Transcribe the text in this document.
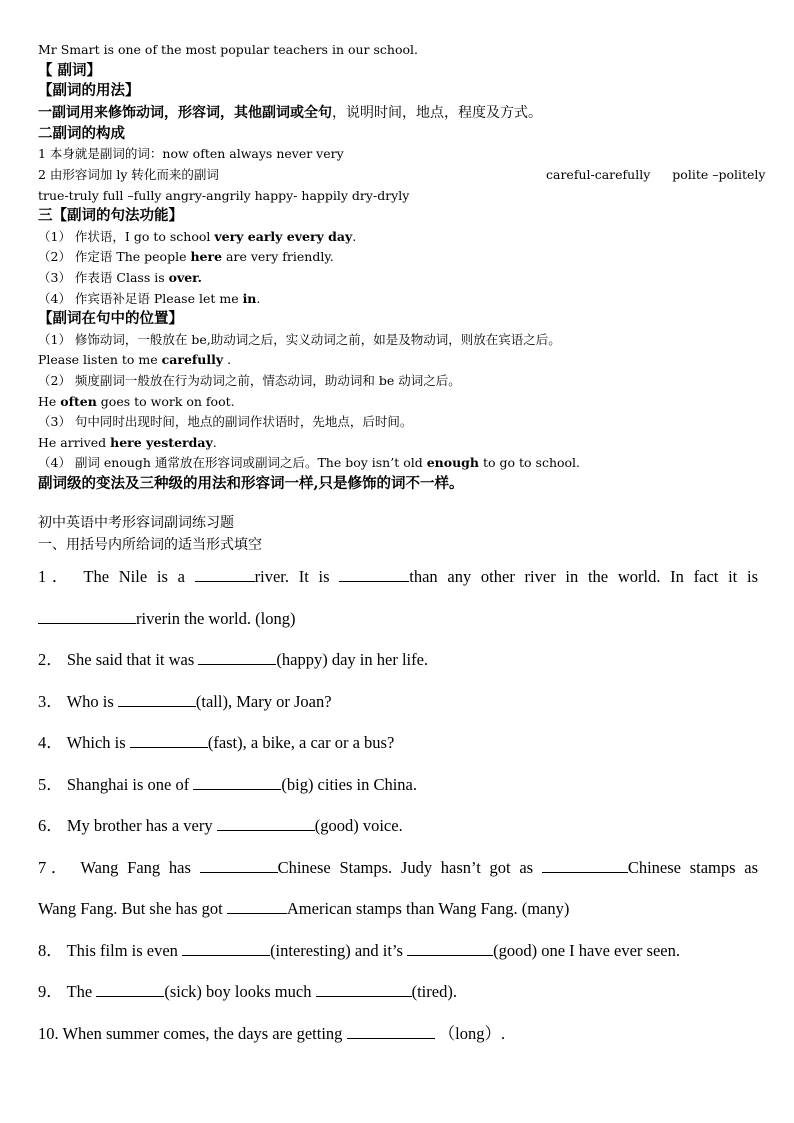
Mr Smart is one of the most popular teachers in our school.
【 副词】
【副词的用法】
一副词用来修饰动词，形容词，其他副词或全句，说明时间，地点，程度及方式。
二副词的构成
1 本身就是副词的词：now often always never very
2 由形容词加 ly 转化而来的副词	careful-carefully polite –politely
true-truly full –fully angry-angrily happy- happily dry-dryly
三【副词的句法功能】
（1） 作状语，I go to school very early every day.
（2） 作定语 The people here are very friendly.
（3） 作表语 Class is over.
（4） 作宾语补足语 Please let me in.
【副词在句中的位置】
（1） 修饰动词，一般放在 be,助动词之后，实义动词之前，如是及物动词，则放在宾语之后。
Please listen to me carefully .
（2） 频度副词一般放在行为动词之前，情态动词，助动词和 be 动词之后。
He often goes to work on foot.
（3） 句中同时出现时间，地点的副词作状语时，先地点，后时间。
He arrived here yesterday.
（4） 副词 enough 通常放在形容词或副词之后。The boy isn’t old enough to go to school.
副词级的变法及三种级的用法和形容词一样,只是修饰的词不一样。
初中英语中考形容词副词练习题
一、用括号内所给词的适当形式填空
1． The Nile is a	river. It is	than any other river in the world. In fact it is
riverin the world. (long)
2． She said that it was	(happy) day in her life.
3． Who is	(tall), Mary or Joan?
4． Which is	(fast), a bike, a car or a bus?
5． Shanghai is one of	(big) cities in China.
6． My brother has a very	(good) voice.
7． Wang Fang has	Chinese Stamps. Judy hasn’t got as	Chinese stamps as
Wang Fang. But she has got	American stamps than Wang Fang. (many)
8． This film is even	(interesting) and it’s	(good) one I have ever seen.
9． The	(sick) boy looks much	(tired).
10. When summer comes, the days are getting	（long）.
